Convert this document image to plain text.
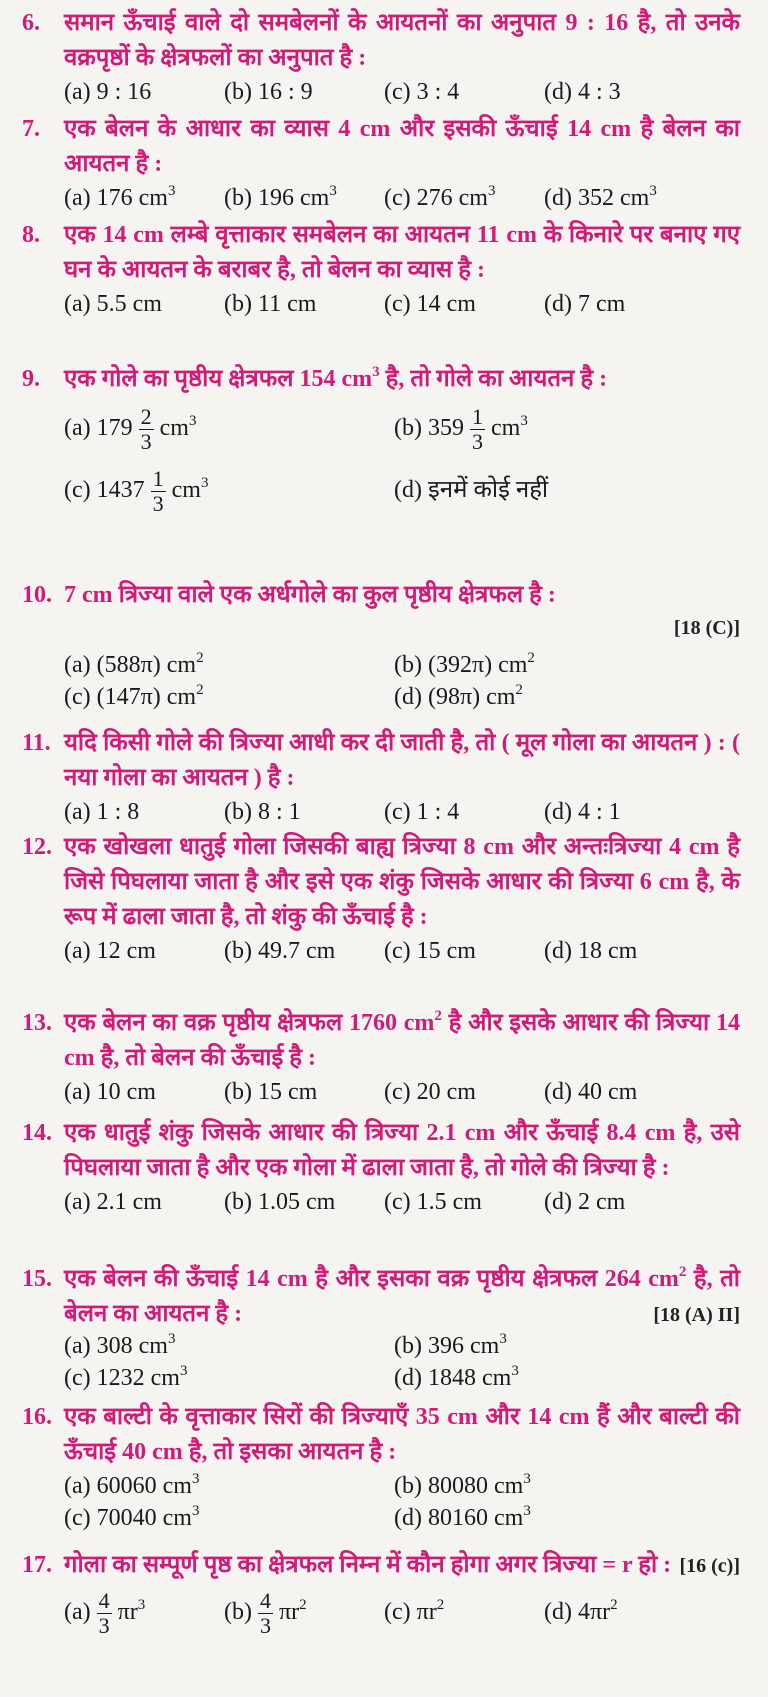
6.	समान ऊँचाई वाले दो समबेलनों के आयतनों का अनुपात 9 : 16 है, तो उनके वक्रपृष्ठों के क्षेत्रफलों का अनुपात है :
(a) 9 : 16	(b) 16 : 9	(c) 3 : 4	(d) 4 : 3
7.	एक बेलन के आधार का व्यास 4 cm और इसकी ऊँचाई 14 cm है बेलन का आयतन है :
(a) 176 $cm^3$	(b) 196 $cm^3$	(c) 276 $cm^3$	(d) 352 $cm^3$
8.	एक 14 cm लम्बे वृत्ताकार समबेलन का आयतन 11 cm के किनारे पर बनाए गए घन के आयतन के बराबर है, तो बेलन का व्यास है :
(a) 5.5 cm	(b) 11 cm	(c) 14 cm	(d) 7 cm
9.	एक गोले का पृष्ठीय क्षेत्रफल 154 $cm^3$ है, तो गोले का आयतन है :
(a) $179 \frac{2}{3} cm^3$	(b) $359 \frac{1}{3} cm^3$
(c) $1437 \frac{1}{3} cm^3$	(d) इनमें कोई नहीं
10. 7 cm त्रिज्या वाले एक अर्धगोले का कुल पृष्ठीय क्षेत्रफल है :
[18 (C)]
(a) (588π) $cm^2$	(b) (392π) $cm^2$
(c) (147π) $cm^2$	(d) (98π) $cm^2$
11. यदि किसी गोले की त्रिज्या आधी कर दी जाती है, तो ( मूल गोला का आयतन ) : ( नया गोला का आयतन ) है :
(a) 1 : 8	(b) 8 : 1	(c) 1 : 4	(d) 4 : 1
12. एक खोखला धातुई गोला जिसकी बाह्य त्रिज्या 8 cm और अन्तःत्रिज्या 4 cm है जिसे पिघलाया जाता है और इसे एक शंकु जिसके आधार की त्रिज्या 6 cm है, के रूप में ढाला जाता है, तो शंकु की ऊँचाई है :
(a) 12 cm	(b) 49.7 cm	(c) 15 cm	(d) 18 cm
13. एक बेलन का वक्र पृष्ठीय क्षेत्रफल 1760 $cm^2$ है और इसके आधार की त्रिज्या 14 cm है, तो बेलन की ऊँचाई है :
(a) 10 cm	(b) 15 cm	(c) 20 cm	(d) 40 cm
14. एक धातुई शंकु जिसके आधार की त्रिज्या 2.1 cm और ऊँचाई 8.4 cm है, उसे पिघलाया जाता है और एक गोला में ढाला जाता है, तो गोले की त्रिज्या है :
(a) 2.1 cm	(b) 1.05 cm	(c) 1.5 cm	(d) 2 cm
15. एक बेलन की ऊँचाई 14 cm है और इसका वक्र पृष्ठीय क्षेत्रफल 264 $cm^2$ है, तो बेलन का आयतन है :	[18 (A) II]
(a) 308 $cm^3$	(b) 396 $cm^3$
(c) 1232 $cm^3$	(d) 1848 $cm^3$
16. एक बाल्टी के वृत्ताकार सिरों की त्रिज्याएँ 35 cm और 14 cm हैं और बाल्टी की ऊँचाई 40 cm है, तो इसका आयतन है :
(a) 60060 $cm^3$	(b) 80080 $cm^3$
(c) 70040 $cm^3$	(d) 80160 $cm^3$
17. गोला का सम्पूर्ण पृष्ठ का क्षेत्रफल निम्न में कौन होगा अगर त्रिज्या = r हो : [16 (c)]
$(a) \frac{4}{3} \pi r^3$	$(b) \frac{4}{3} \pi r^2$	(c) $\pi r^2$	(d) $4\pi r^2$
